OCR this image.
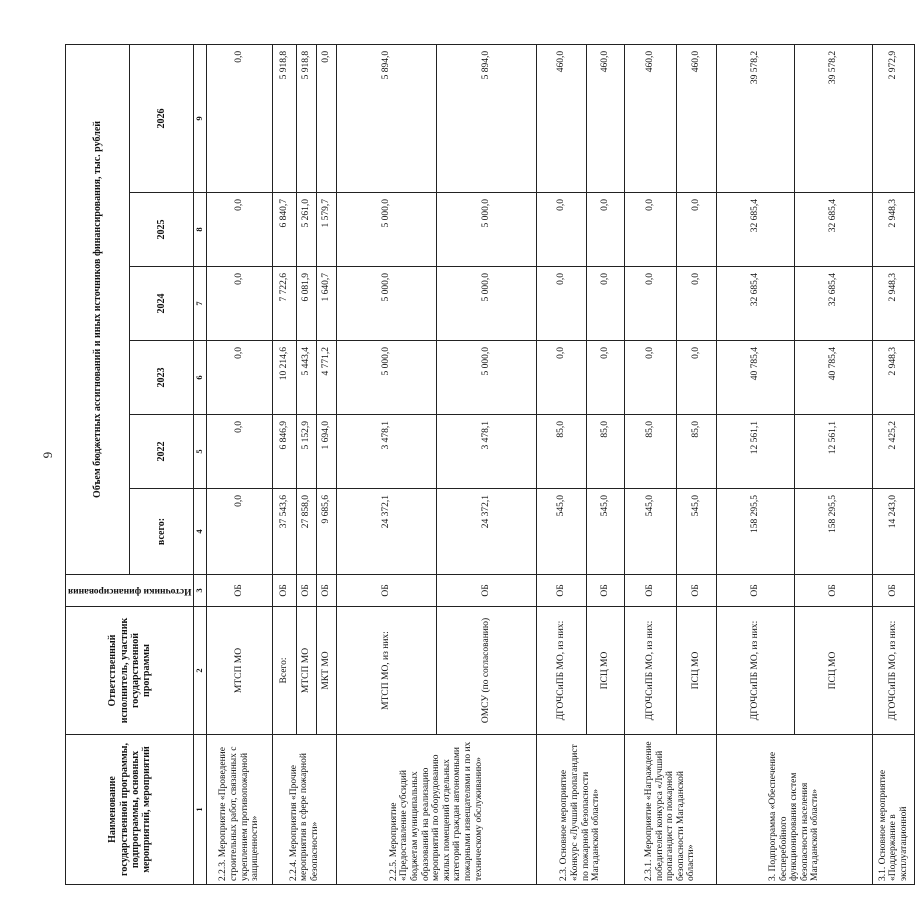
6
Наименование государственной программы, подпрограммы, основных мероприятий, мероприятий	Ответственный исполнитель, участник государственной программы	Источники финансирования	Объем бюджетных ассигнований и иных источников финансирования, тыс. рублей					
			всего:	2022	2023	2024	2025	2026
1	2	3	4	5	6	7	8	9
2.2.3. Мероприятие «Проведение строительных работ, связанных с укреплением противопожарной защищенности»	МТСП МО	ОБ	0,0	0,0	0,0	0,0	0,0	0,0
2.2.4. Мероприятия «Прочие мероприятия в сфере пожарной безопасности»	Всего:	ОБ	37 543,6	6 846,9	10 214,6	7 722,6	6 840,7	5 918,8
	МТСП МО	ОБ	27 858,0	5 152,9	5 443,4	6 081,9	5 261,0	5 918,8
	МКТ МО	ОБ	9 685,6	1 694,0	4 771,2	1 640,7	1 579,7	0,0
2.2.5. Мероприятие «Предоставление субсидий бюджетам муниципальных образований на реализацию мероприятий по оборудованию жилых помещений отдельных категорий граждан автономными пожарными извещателями и по их техническому обслуживанию»	МТСП МО, из них:	ОБ	24 372,1	3 478,1	5 000,0	5 000,0	5 000,0	5 894,0
	ОМСУ (по согласованию)	ОБ	24 372,1	3 478,1	5 000,0	5 000,0	5 000,0	5 894,0
2.3. Основное мероприятие «Конкурс «Лучший пропагандист по пожарной безопасности Магаданской области»	ДГОЧСиПБ МО, из них:	ОБ	545,0	85,0	0,0	0,0	0,0	460,0
	ПСЦ МО	ОБ	545,0	85,0	0,0	0,0	0,0	460,0
2.3.1. Мероприятие «Награждение победителей конкурса «Лучший пропагандист по пожарной безопасности Магаданской области»	ДГОЧСиПБ МО, из них:	ОБ	545,0	85,0	0,0	0,0	0,0	460,0
	ПСЦ МО	ОБ	545,0	85,0	0,0	0,0	0,0	460,0
3. Подпрограмма «Обеспечение бесперебойного функционирования систем безопасности населения Магаданской области»	ДГОЧСиПБ МО, из них:	ОБ	158 295,5	12 561,1	40 785,4	32 685,4	32 685,4	39 578,2
	ПСЦ МО	ОБ	158 295,5	12 561,1	40 785,4	32 685,4	32 685,4	39 578,2
3.1. Основное мероприятие «Поддержание в эксплуатационной	ДГОЧСиПБ МО, из них:	ОБ	14 243,0	2 425,2	2 948,3	2 948,3	2 948,3	2 972,9
